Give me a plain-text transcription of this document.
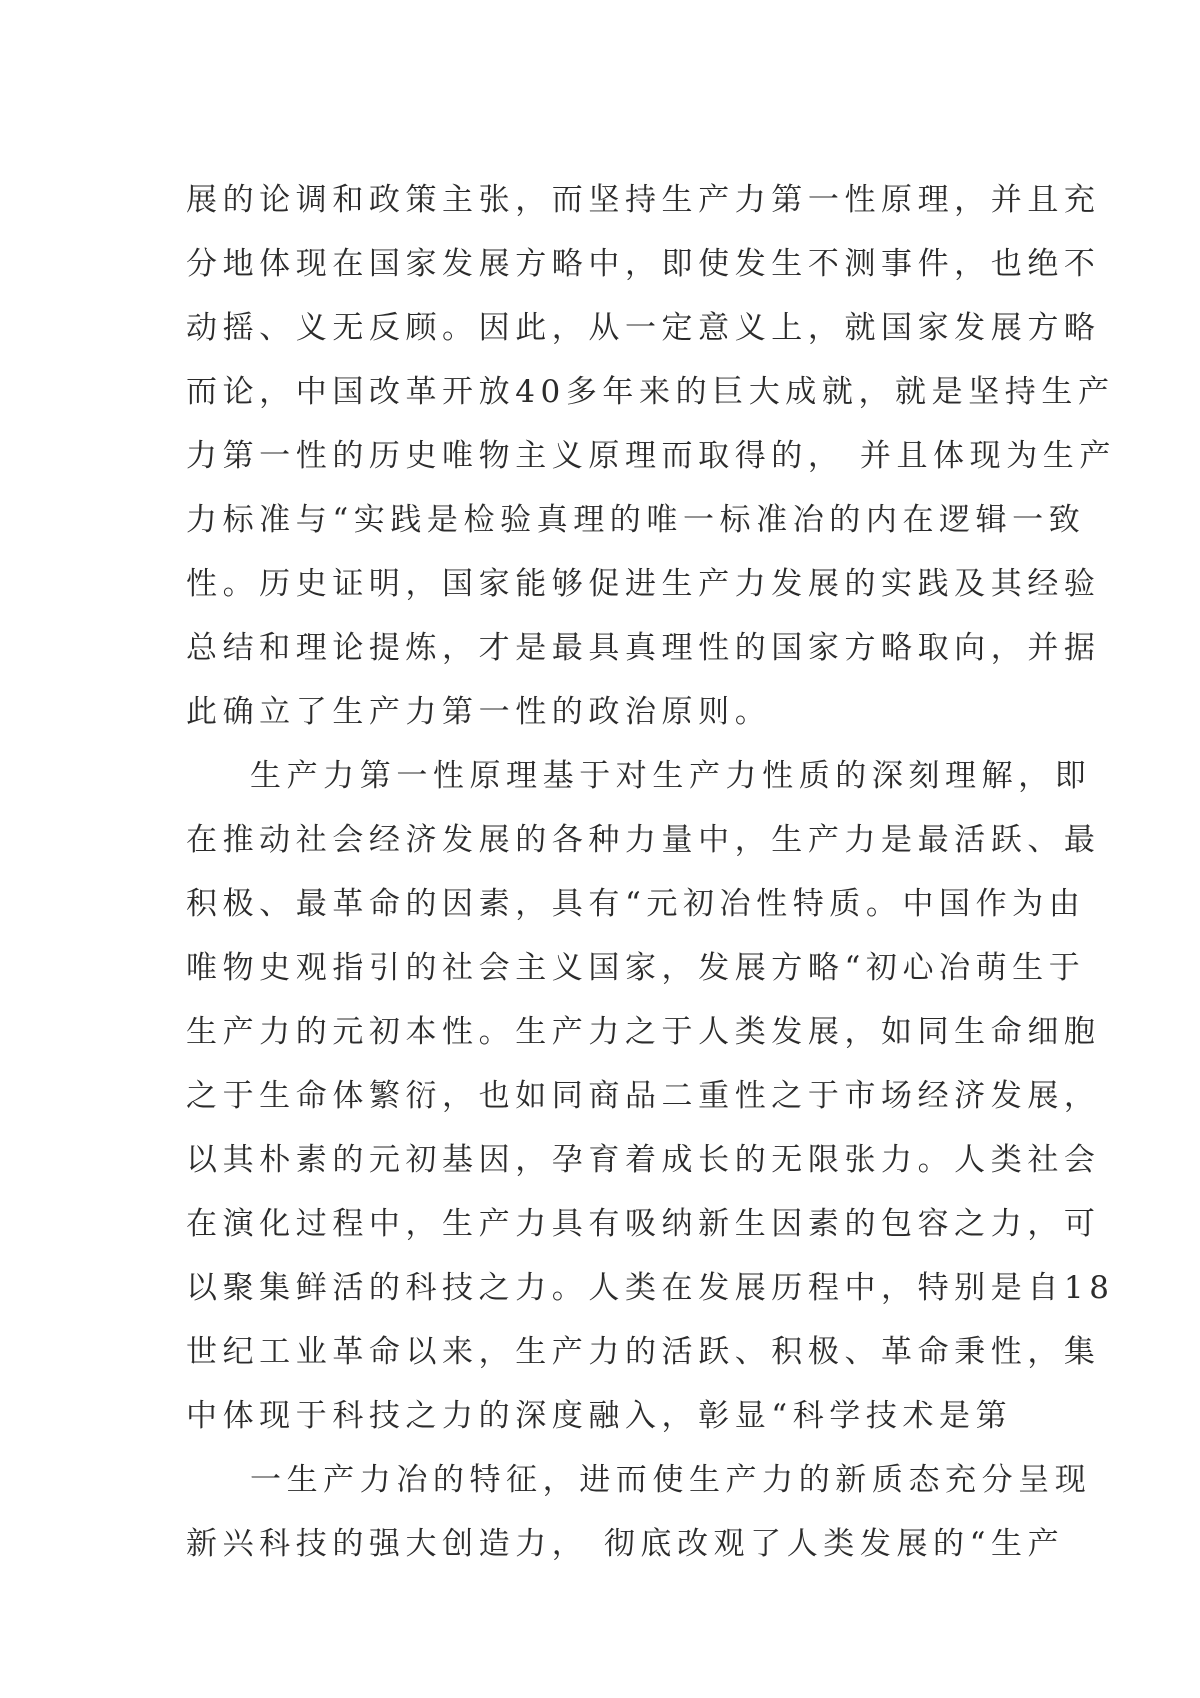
展的论调和政策主张，而坚持生产力第一性原理，并且充
分地体现在国家发展方略中，即使发生不测事件，也绝不
动摇、义无反顾。因此，从一定意义上，就国家发展方略
而论，中国改革开放40多年来的巨大成就，就是坚持生产
力第一性的历史唯物主义原理而取得的， 并且体现为生产
力标准与“实践是检验真理的唯一标准冶的内在逻辑一致
性。历史证明，国家能够促进生产力发展的实践及其经验
总结和理论提炼，才是最具真理性的国家方略取向，并据
此确立了生产力第一性的政治原则。
生产力第一性原理基于对生产力性质的深刻理解，即
在推动社会经济发展的各种力量中，生产力是最活跃、最
积极、最革命的因素，具有“元初冶性特质。中国作为由
唯物史观指引的社会主义国家，发展方略“初心冶萌生于
生产力的元初本性。生产力之于人类发展，如同生命细胞
之于生命体繁衍，也如同商品二重性之于市场经济发展，
以其朴素的元初基因，孕育着成长的无限张力。人类社会
在演化过程中，生产力具有吸纳新生因素的包容之力，可
以聚集鲜活的科技之力。人类在发展历程中，特别是自18
世纪工业革命以来，生产力的活跃、积极、革命秉性，集
中体现于科技之力的深度融入，彰显“科学技术是第
一生产力冶的特征，进而使生产力的新质态充分呈现
新兴科技的强大创造力， 彻底改观了人类发展的“生产
